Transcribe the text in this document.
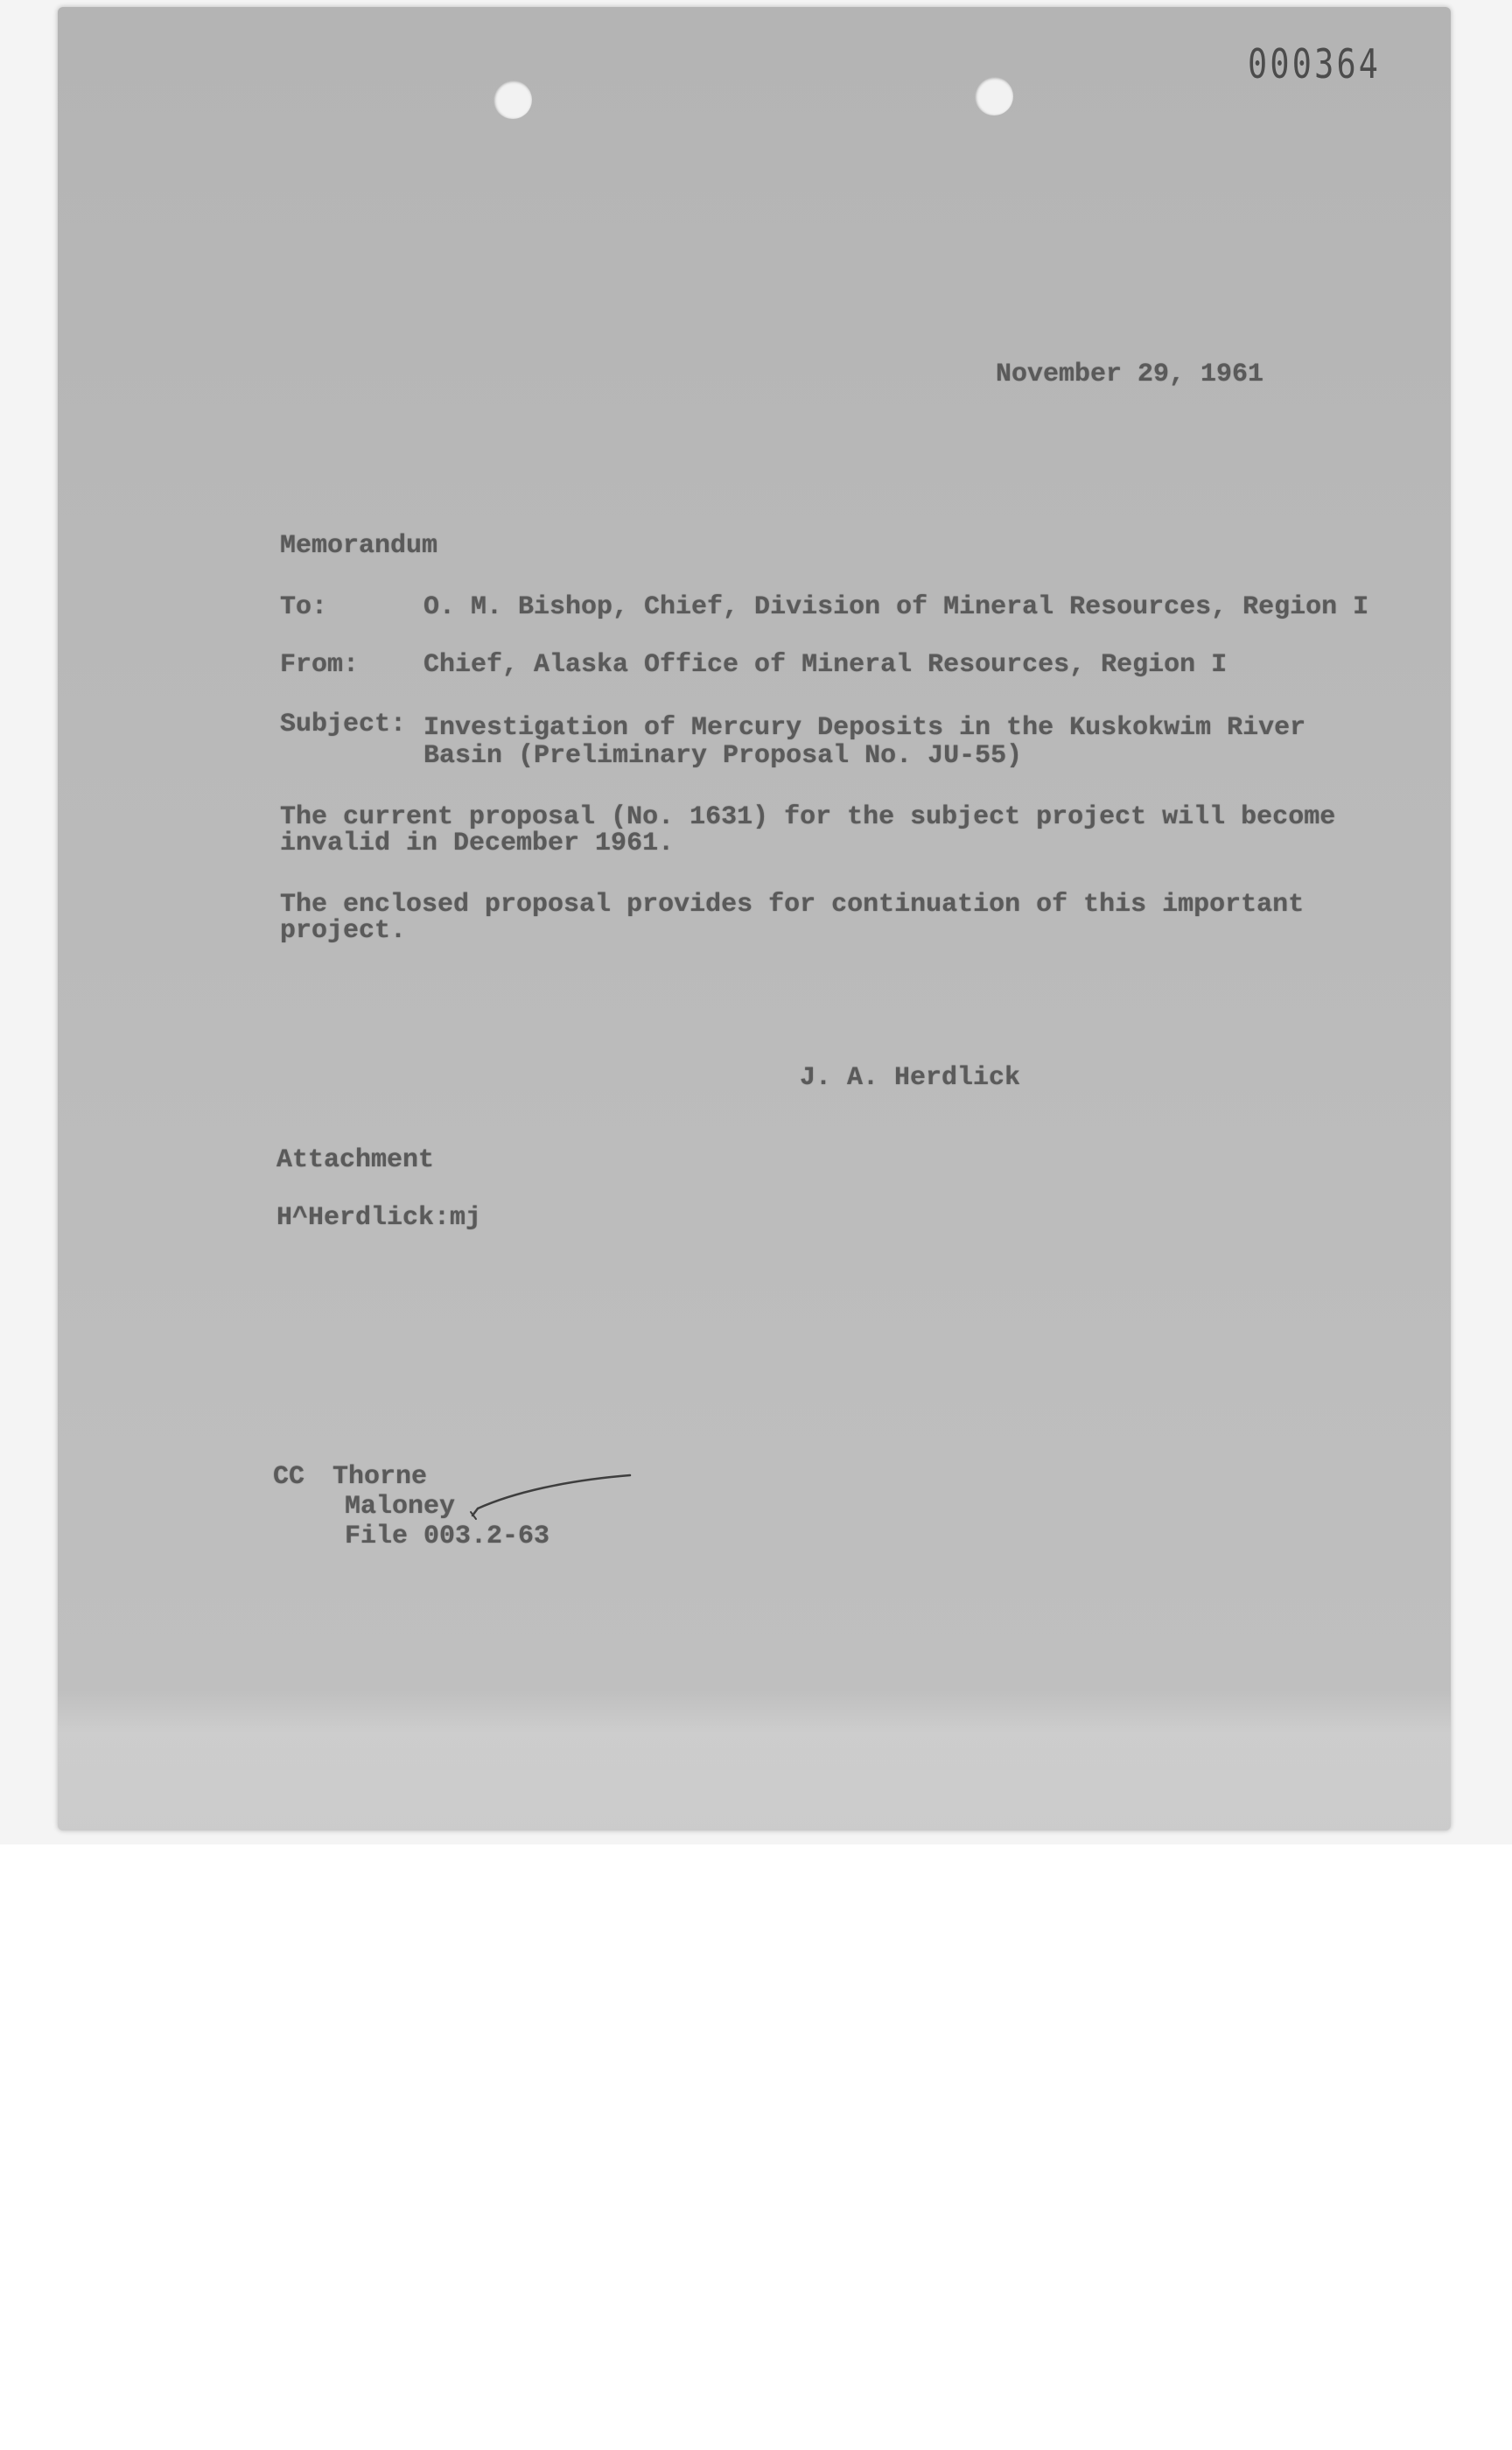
000364
November 29, 1961
Memorandum
To:	O. M. Bishop, Chief, Division of Mineral Resources, Region I
From: Chief, Alaska Office of Mineral Resources, Region I
Subject: Investigation of Mercury Deposits in the Kuskokwim River
Basin (Preliminary Proposal No. JU-55)
The current proposal (No. 1631) for the subject project will become
invalid in December 1961.
The enclosed proposal provides for continuation of this important
project.
J. A. Herdlick
Attachment
H^Herdlick:mj
CC Thorne
Maloney
File 003.2-63
